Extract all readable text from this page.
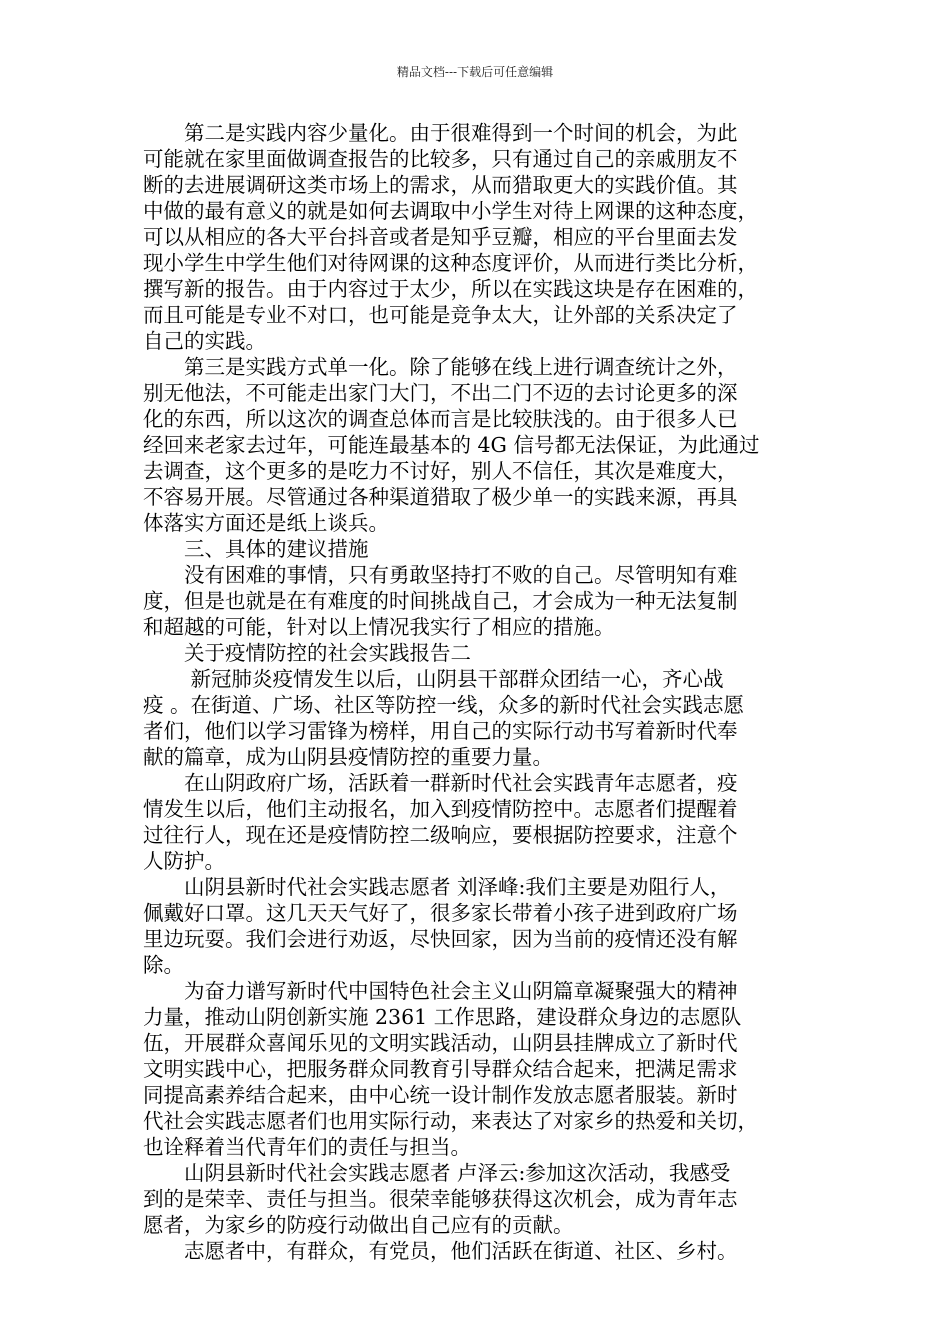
精品文档---下载后可任意编辑
　　第二是实践内容少量化。由于很难得到一个时间的机会，为此
可能就在家里面做调查报告的比较多，只有通过自己的亲戚朋友不
断的去进展调研这类市场上的需求，从而猎取更大的实践价值。其
中做的最有意义的就是如何去调取中小学生对待上网课的这种态度，
可以从相应的各大平台抖音或者是知乎豆瓣，相应的平台里面去发
现小学生中学生他们对待网课的这种态度评价，从而进行类比分析，
撰写新的报告。由于内容过于太少，所以在实践这块是存在困难的，
而且可能是专业不对口，也可能是竞争太大，让外部的关系决定了
自己的实践。
　　第三是实践方式单一化。除了能够在线上进行调查统计之外，
别无他法，不可能走出家门大门，不出二门不迈的去讨论更多的深
化的东西，所以这次的调查总体而言是比较肤浅的。由于很多人已
经回来老家去过年，可能连最基本的 4G 信号都无法保证，为此通过
去调查，这个更多的是吃力不讨好，别人不信任，其次是难度大，
不容易开展。尽管通过各种渠道猎取了极少单一的实践来源，再具
体落实方面还是纸上谈兵。
　　三、具体的建议措施
　　没有困难的事情，只有勇敢坚持打不败的自己。尽管明知有难
度，但是也就是在有难度的时间挑战自己，才会成为一种无法复制
和超越的可能，针对以上情况我实行了相应的措施。
　　关于疫情防控的社会实践报告二
　　 新冠肺炎疫情发生以后，山阴县干部群众团结一心，齐心战
疫 。在街道、广场、社区等防控一线，众多的新时代社会实践志愿
者们，他们以学习雷锋为榜样，用自己的实际行动书写着新时代奉
献的篇章，成为山阴县疫情防控的重要力量。
　　在山阴政府广场，活跃着一群新时代社会实践青年志愿者，疫
情发生以后，他们主动报名，加入到疫情防控中。志愿者们提醒着
过往行人，现在还是疫情防控二级响应，要根据防控要求，注意个
人防护。
　　山阴县新时代社会实践志愿者 刘泽峰:我们主要是劝阻行人，
佩戴好口罩。这几天天气好了，很多家长带着小孩子进到政府广场
里边玩耍。我们会进行劝返，尽快回家，因为当前的疫情还没有解
除。
　　为奋力谱写新时代中国特色社会主义山阴篇章凝聚强大的精神
力量，推动山阴创新实施 2361 工作思路，建设群众身边的志愿队
伍，开展群众喜闻乐见的文明实践活动，山阴县挂牌成立了新时代
文明实践中心，把服务群众同教育引导群众结合起来，把满足需求
同提高素养结合起来，由中心统一设计制作发放志愿者服装。新时
代社会实践志愿者们也用实际行动，来表达了对家乡的热爱和关切，
也诠释着当代青年们的责任与担当。
　　山阴县新时代社会实践志愿者 卢泽云:参加这次活动，我感受
到的是荣幸、责任与担当。很荣幸能够获得这次机会，成为青年志
愿者，为家乡的防疫行动做出自己应有的贡献。
　　志愿者中，有群众，有党员，他们活跃在街道、社区、乡村。
